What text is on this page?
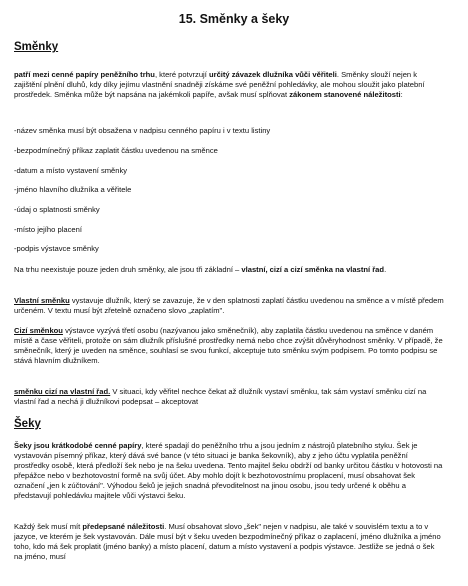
15. Směnky a šeky
Směnky

patří mezi cenné papíry peněžního trhu, které potvrzují určitý závazek dlužníka vůči věřiteli. Směnky slouží nejen k zajištění plnění dluhů, kdy díky jejímu vlastnění snadněji získáme své peněžní pohledávky, ale mohou sloužit jako platební prostředek. Směnka může být napsána na jakémkoli papíře, avšak musí splňovat zákonem stanovené náležitosti:

-název směnka musí být obsažena v nadpisu cenného papíru i v textu listiny

-bezpodmínečný příkaz zaplatit částku uvedenou na směnce

-datum a místo vystavení směnky

-jméno hlavního dlužníka a věřitele

-údaj o splatnosti směnky

-místo jejího placení

-podpis výstavce směnky

Na trhu neexistuje pouze jeden druh směnky, ale jsou tři základní – vlastní, cizí a cizí směnka na vlastní řad.

Vlastní směnku vystavuje dlužník, který se zavazuje, že v den splatnosti zaplatí částku uvedenou na směnce a v místě předem určeném. V textu musí být zřetelně označeno slovo „zaplatím".

Cizí směnkou výstavce vyzývá třetí osobu (nazývanou jako směnečník), aby zaplatila částku uvedenou na směnce v daném místě a čase věřiteli, protože on sám dlužník příslušné prostředky nemá nebo chce zvýšit důvěryhodnost směnky. V případě, že směnečník, který je uveden na směnce, souhlasí se svou funkcí, akceptuje tuto směnku svým podpisem. Po tomto podpisu se stává hlavním dlužníkem.

směnku cizí na vlastní řad. V situaci, kdy věřitel nechce čekat až dlužník vystaví směnku, tak sám vystaví směnku cizí na vlastní řad a nechá ji dlužníkovi podepsat – akceptovat

Šeky

Šeky jsou krátkodobé cenné papíry, které spadají do peněžního trhu a jsou jedním z nástrojů platebního styku. Šek je vystavován písemný příkaz, který dává své bance (v této situaci je banka šekovník), aby z jeho účtu vyplatila peněžní prostředky osobě, která předloží šek nebo je na šeku uvedena. Tento majitel šeku obdrží od banky určitou částku v hotovosti na přepážce nebo v bezhotovostní formě na svůj účet. Aby mohlo dojít k bezhotovostnímu proplacení, musí obsahovat šek označení „jen k zúčtování". Výhodou šeků je jejich snadná převoditelnost na jinou osobu, jsou tedy určené k oběhu a představují pohledávku majitele vůči výstavci šeku.

Každý šek musí mít předepsané náležitosti. Musí obsahovat slovo „šek" nejen v nadpisu, ale také v souvislém textu a to v jazyce, ve kterém je šek vystavován. Dále musí být v šeku uveden bezpodmínečný příkaz o zaplacení, jméno dlužníka a jméno toho, kdo má šek proplatit (jméno banky) a místo placení, datum a místo vystavení a podpis výstavce. Jestliže se jedná o šek na jméno, musí
